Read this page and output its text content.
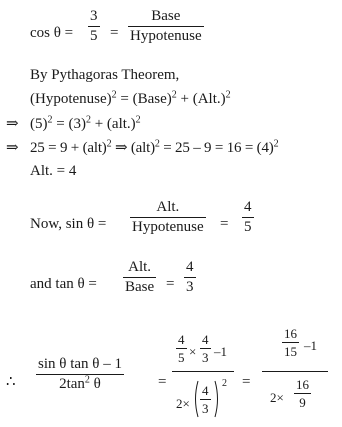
cos θ =
3
5 =
Base
Hypotenuse
By Pythagoras Theorem,
(Hypotenuse)$^2$ = (Base)$^2$ + $(Alt.)^2$
⇒ $(5)^2 = (3)^2 + (alt.)^2$
⇒ 25 = 9 + (alt)$^2$ ⇒ $(alt)^2 = 25 - 9 = 16 = (4)^2$
Alt. = 4
Now, sin θ =
Alt.
Hypotenuse =
4
5
and tan θ =
Alt.
Base =
4
3
∴
sin θ tan θ – 1
$2\tan^2$ θ	=
4
5 ×
4
3 –1
2×
4
3
2 =
16
15 –1
2×
16
9
